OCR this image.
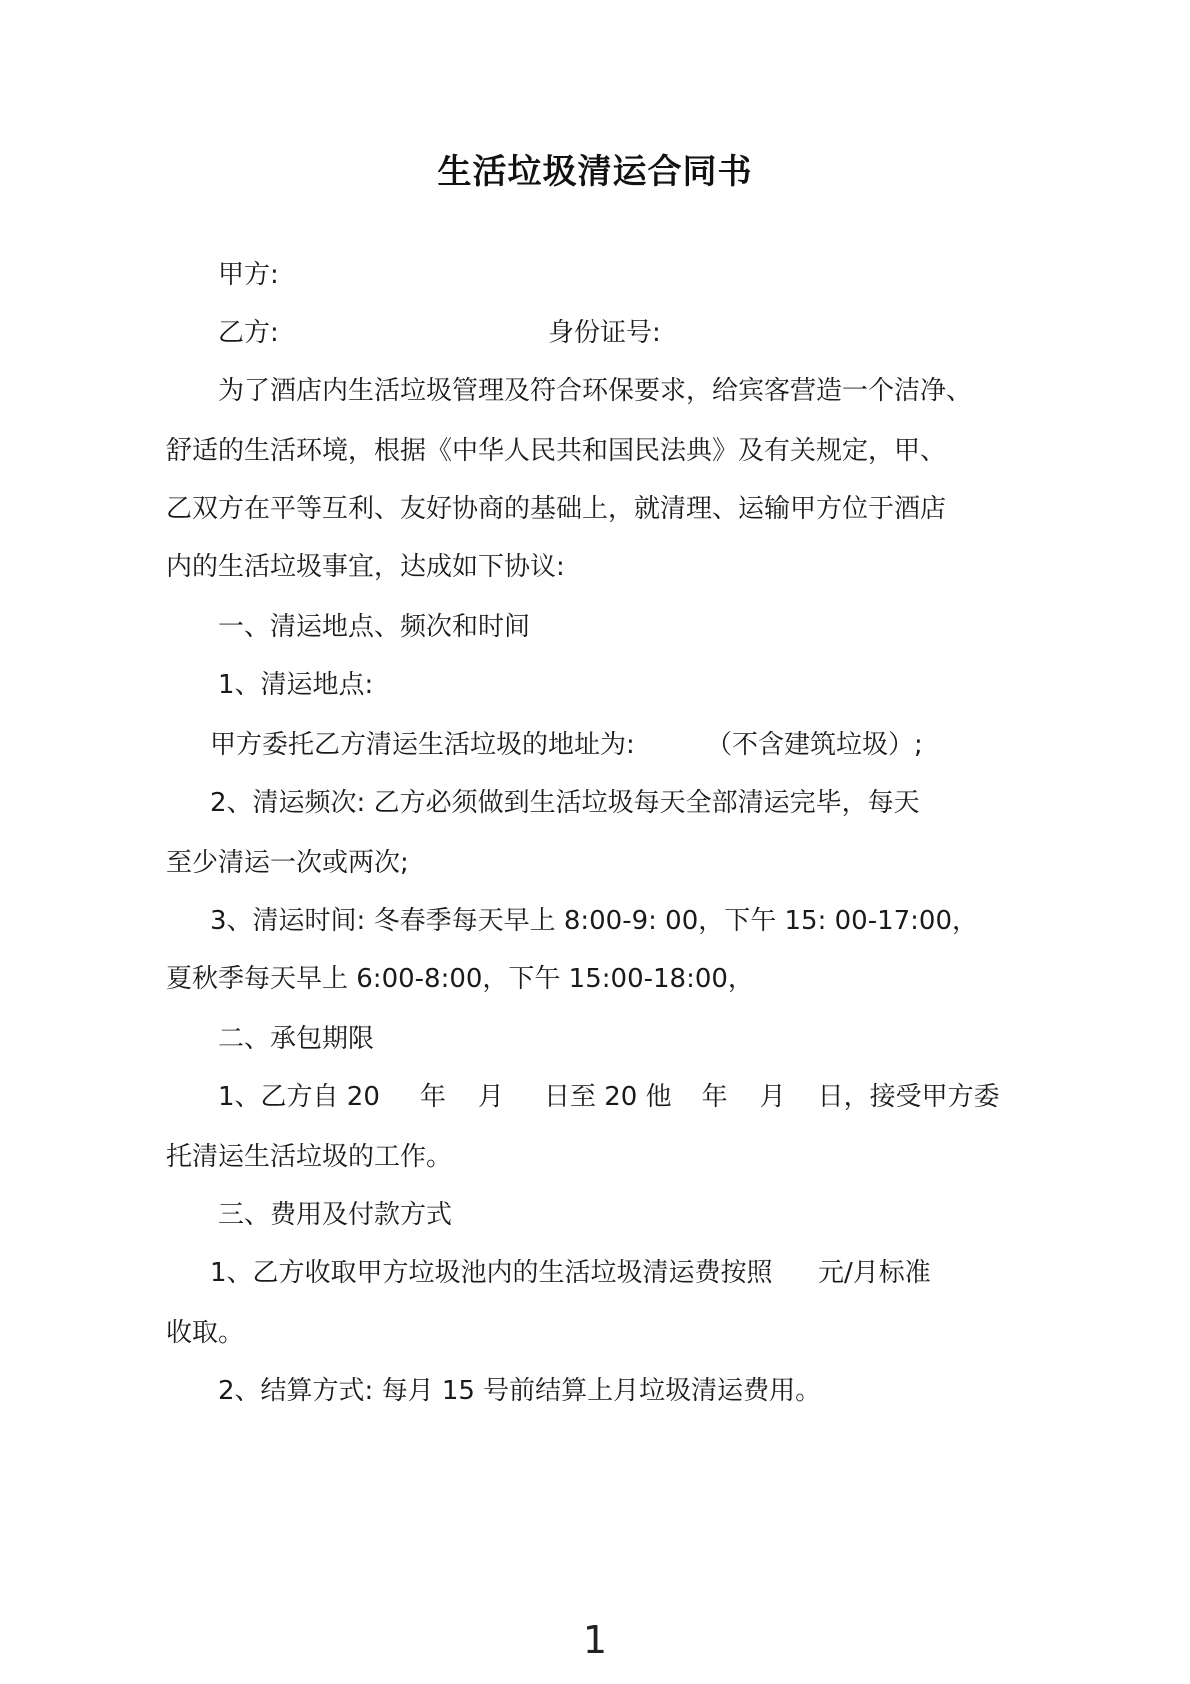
生活垃圾清运合同书
甲方:
乙方:	身份证号:
为了酒店内生活垃圾管理及符合环保要求，给宾客营造一个洁净、
舒适的生活环境，根据《中华人民共和国民法典》及有关规定，甲、
乙双方在平等互利、友好协商的基础上，就清理、运输甲方位于酒店
内的生活垃圾事宜，达成如下协议:
一、清运地点、频次和时间
1、清运地点:
甲方委托乙方清运生活垃圾的地址为:	（不含建筑垃圾）;
2、清运频次: 乙方必须做到生活垃圾每天全部清运完毕，每天
至少清运一次或两次;
3、清运时间: 冬春季每天早上 8:00-9: 00，下午 15: 00-17:00，
夏秋季每天早上 6:00-8:00，下午 15:00-18:00，
二、承包期限
1、乙方自 20 年 月 日至 20 他 年 月 日，接受甲方委
托清运生活垃圾的工作。
三、费用及付款方式
1、乙方收取甲方垃圾池内的生活垃圾清运费按照 元/月标准
收取。
2、结算方式: 每月 15 号前结算上月垃圾清运费用。
1
